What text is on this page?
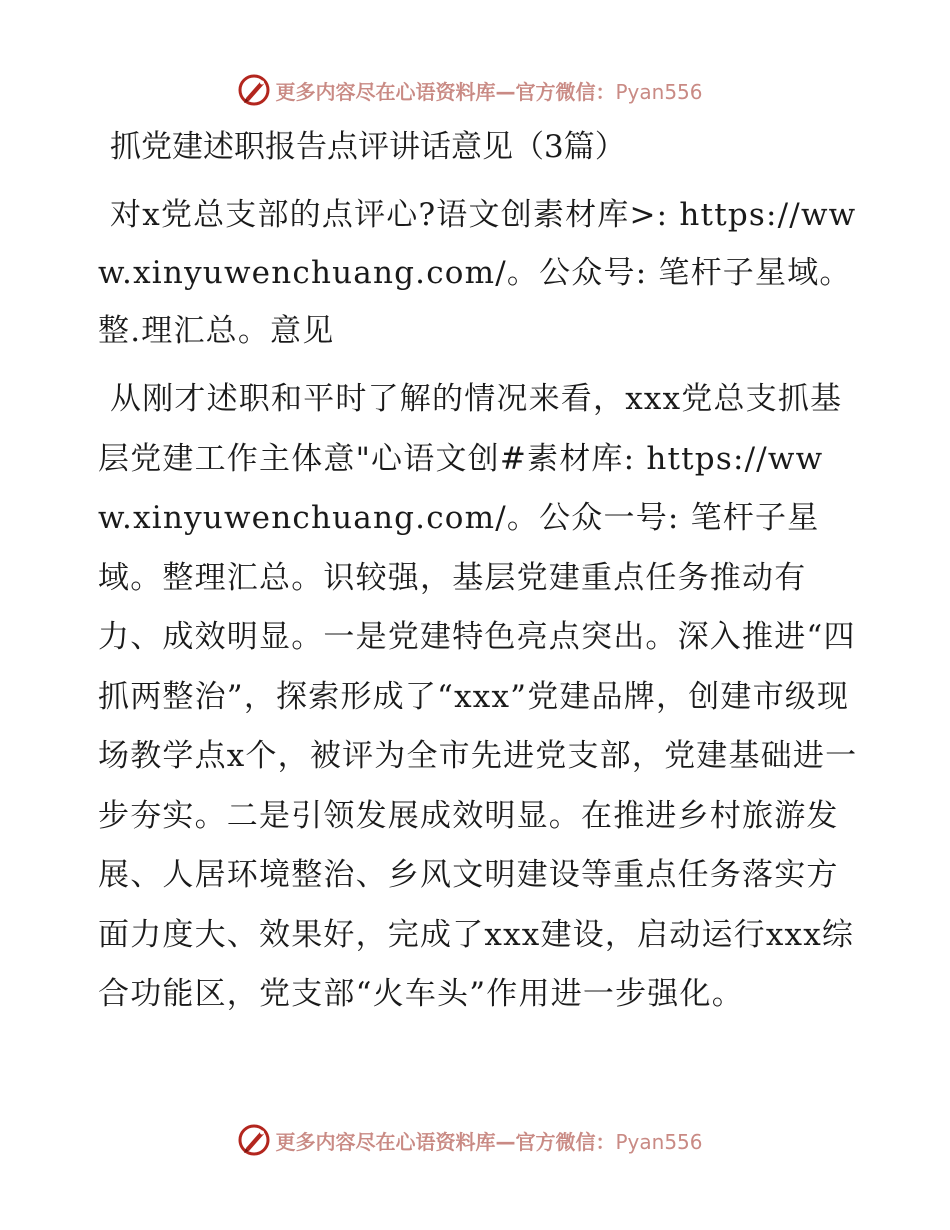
更多内容尽在心语资料库—官方微信：Pyan556
抓党建述职报告点评讲话意见（3篇）

对x党总支部的点评心?语文创素材库>: https://www.xinyuwenchuang.com/。公众号: 笔杆子星域。整.理汇总。意见

从刚才述职和平时了解的情况来看，xxx党总支抓基层党建工作主体意"心语文创#素材库: https://www.xinyuwenchuang.com/。公众一号: 笔杆子星域。整理汇总。识较强，基层党建重点任务推动有力、成效明显。一是党建特色亮点突出。深入推进“四抓两整治”，探索形成了“xxx”党建品牌，创建市级现场教学点x个，被评为全市先进党支部，党建基础进一步夯实。二是引领发展成效明显。在推进乡村旅游发展、人居环境整治、乡风文明建设等重点任务落实方面力度大、效果好，完成了xxx建设，启动运行xxx综合功能区，党支部“火车头”作用进一步强化。

更多内容尽在心语资料库—官方微信：Pyan556
